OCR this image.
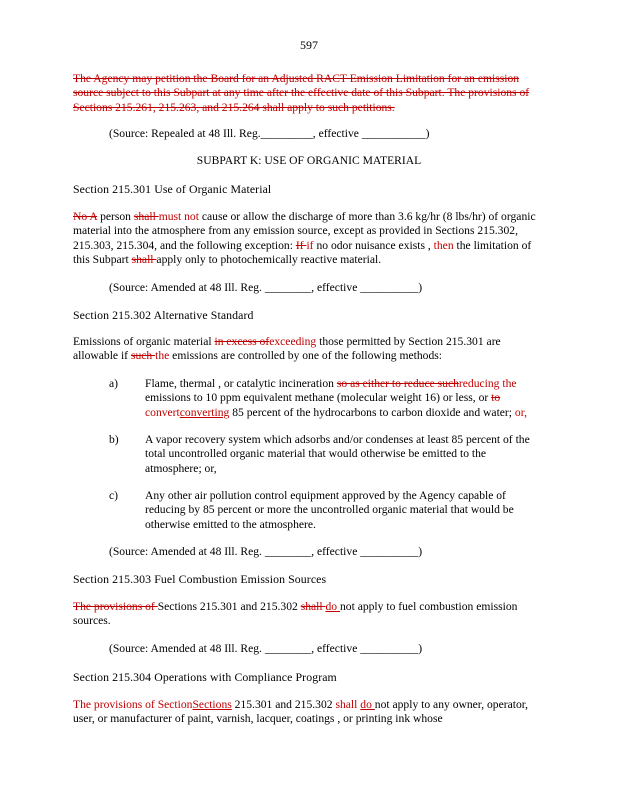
597
The Agency may petition the Board for an Adjusted RACT Emission Limitation for an emission source subject to this Subpart at any time after the effective date of this Subpart. The provisions of Sections 215.261, 215.263, and 215.264 shall apply to such petitions.
(Source: Repealed at 48 Ill. Reg._________, effective ___________)
SUBPART K: USE OF ORGANIC MATERIAL
Section 215.301 Use of Organic Material
No A person shall must not cause or allow the discharge of more than 3.6 kg/hr (8 lbs/hr) of organic material into the atmosphere from any emission source, except as provided in Sections 215.302, 215.303, 215.304, and the following exception: If if no odor nuisance exists , then the limitation of this Subpart shall apply only to photochemically reactive material.
(Source: Amended at 48 Ill. Reg. ________, effective __________)
Section 215.302 Alternative Standard
Emissions of organic material in excess ofexceeding those permitted by Section 215.301 are allowable if such the emissions are controlled by one of the following methods:
a) Flame, thermal , or catalytic incineration so as either to reduce suchreducing the emissions to 10 ppm equivalent methane (molecular weight 16) or less, or to convertconverting 85 percent of the hydrocarbons to carbon dioxide and water; or,
b) A vapor recovery system which adsorbs and/or condenses at least 85 percent of the total uncontrolled organic material that would otherwise be emitted to the atmosphere; or,
c) Any other air pollution control equipment approved by the Agency capable of reducing by 85 percent or more the uncontrolled organic material that would be otherwise emitted to the atmosphere.
(Source: Amended at 48 Ill. Reg. ________, effective __________)
Section 215.303 Fuel Combustion Emission Sources
The provisions of Sections 215.301 and 215.302 shall do not apply to fuel combustion emission sources.
(Source: Amended at 48 Ill. Reg. ________, effective __________)
Section 215.304 Operations with Compliance Program
The provisions of SectionSections 215.301 and 215.302 shall do not apply to any owner, operator, user, or manufacturer of paint, varnish, lacquer, coatings , or printing ink whose
